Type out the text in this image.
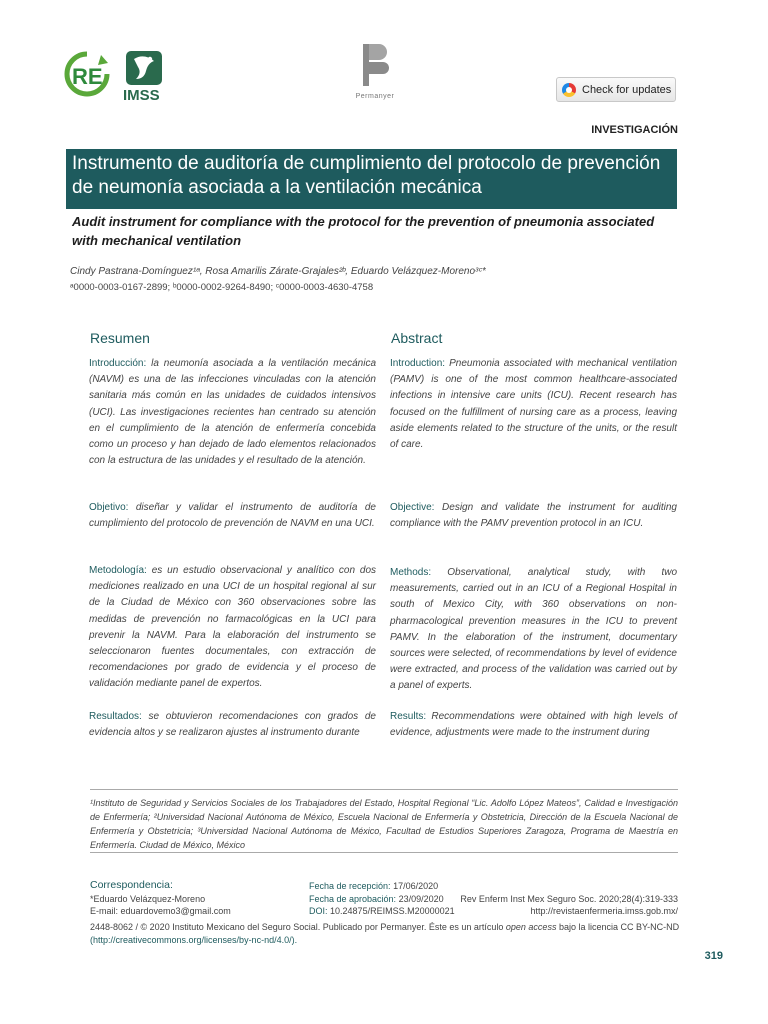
RE
IMSS	Permanyer
Check for updates
INVESTIGACIÓN
Instrumento de auditoría de cumplimiento del protocolo de prevención de neumonía asociada a la ventilación mecánica
Audit instrument for compliance with the protocol for the prevention of pneumonia associated with mechanical ventilation
Cindy Pastrana-Domínguez¹ᵃ, Rosa Amarilis Zárate-Grajales²ᵇ, Eduardo Velázquez-Moreno³ᶜ*
ᵃ0000-0003-0167-2899; ᵇ0000-0002-9264-8490; ᶜ0000-0003-4630-4758
Resumen
Introducción: la neumonía asociada a la ventilación mecánica (NAVM) es una de las infecciones vinculadas con la atención sanitaria más común en las unidades de cuidados intensivos (UCI). Las investigaciones recientes han centrado su atención en el cumplimiento de la atención de enfermería concebida como un proceso y han dejado de lado elementos relacionados con la estructura de las unidades y el resultado de la atención.
Objetivo: diseñar y validar el instrumento de auditoría de cumplimiento del protocolo de prevención de NAVM en una UCI.
Metodología: es un estudio observacional y analítico con dos mediciones realizado en una UCI de un hospital regional al sur de la Ciudad de México con 360 observaciones sobre las medidas de prevención no farmacológicas en la UCI para prevenir la NAVM. Para la elaboración del instrumento se seleccionaron fuentes documentales, con extracción de recomendaciones por grado de evidencia y el proceso de validación mediante panel de expertos.
Resultados: se obtuvieron recomendaciones con grados de evidencia altos y se realizaron ajustes al instrumento durante
Abstract
Introduction: Pneumonia associated with mechanical ventilation (PAMV) is one of the most common healthcare-associated infections in intensive care units (ICU). Recent research has focused on the fulfillment of nursing care as a process, leaving aside elements related to the structure of the units, or the result of care.
Objective: Design and validate the instrument for auditing compliance with the PAMV prevention protocol in an ICU.
Methods: Observational, analytical study, with two measurements, carried out in an ICU of a Regional Hospital in south of Mexico City, with 360 observations on non-pharmacological prevention measures in the ICU to prevent PAMV. In the elaboration of the instrument, documentary sources were selected, of recommendations by level of evidence were extracted, and process of the validation was carried out by a panel of experts.
Results: Recommendations were obtained with high levels of evidence, adjustments were made to the instrument during
¹Instituto de Seguridad y Servicios Sociales de los Trabajadores del Estado, Hospital Regional “Lic. Adolfo López Mateos”, Calidad e Investigación de Enfermería; ²Universidad Nacional Autónoma de México, Escuela Nacional de Enfermería y Obstetricia, Dirección de la Escuela Nacional de Enfermería y Obstetricia; ³Universidad Nacional Autónoma de México, Facultad de Estudios Superiores Zaragoza, Programa de Maestría en Enfermería. Ciudad de México, México
Correspondencia:
*Eduardo Velázquez-Moreno
E-mail: eduardovemo3@gmail.com
Fecha de recepción: 17/06/2020
Fecha de aprobación: 23/09/2020
DOI: 10.24875/REIMSS.M20000021
Rev Enferm Inst Mex Seguro Soc. 2020;28(4):319-333
http://revistaenfermeria.imss.gob.mx/
2448-8062 / © 2020 Instituto Mexicano del Seguro Social. Publicado por Permanyer. Éste es un artículo open access bajo la licencia CC BY-NC-ND (http://creativecommons.org/licenses/by-nc-nd/4.0/).
319
